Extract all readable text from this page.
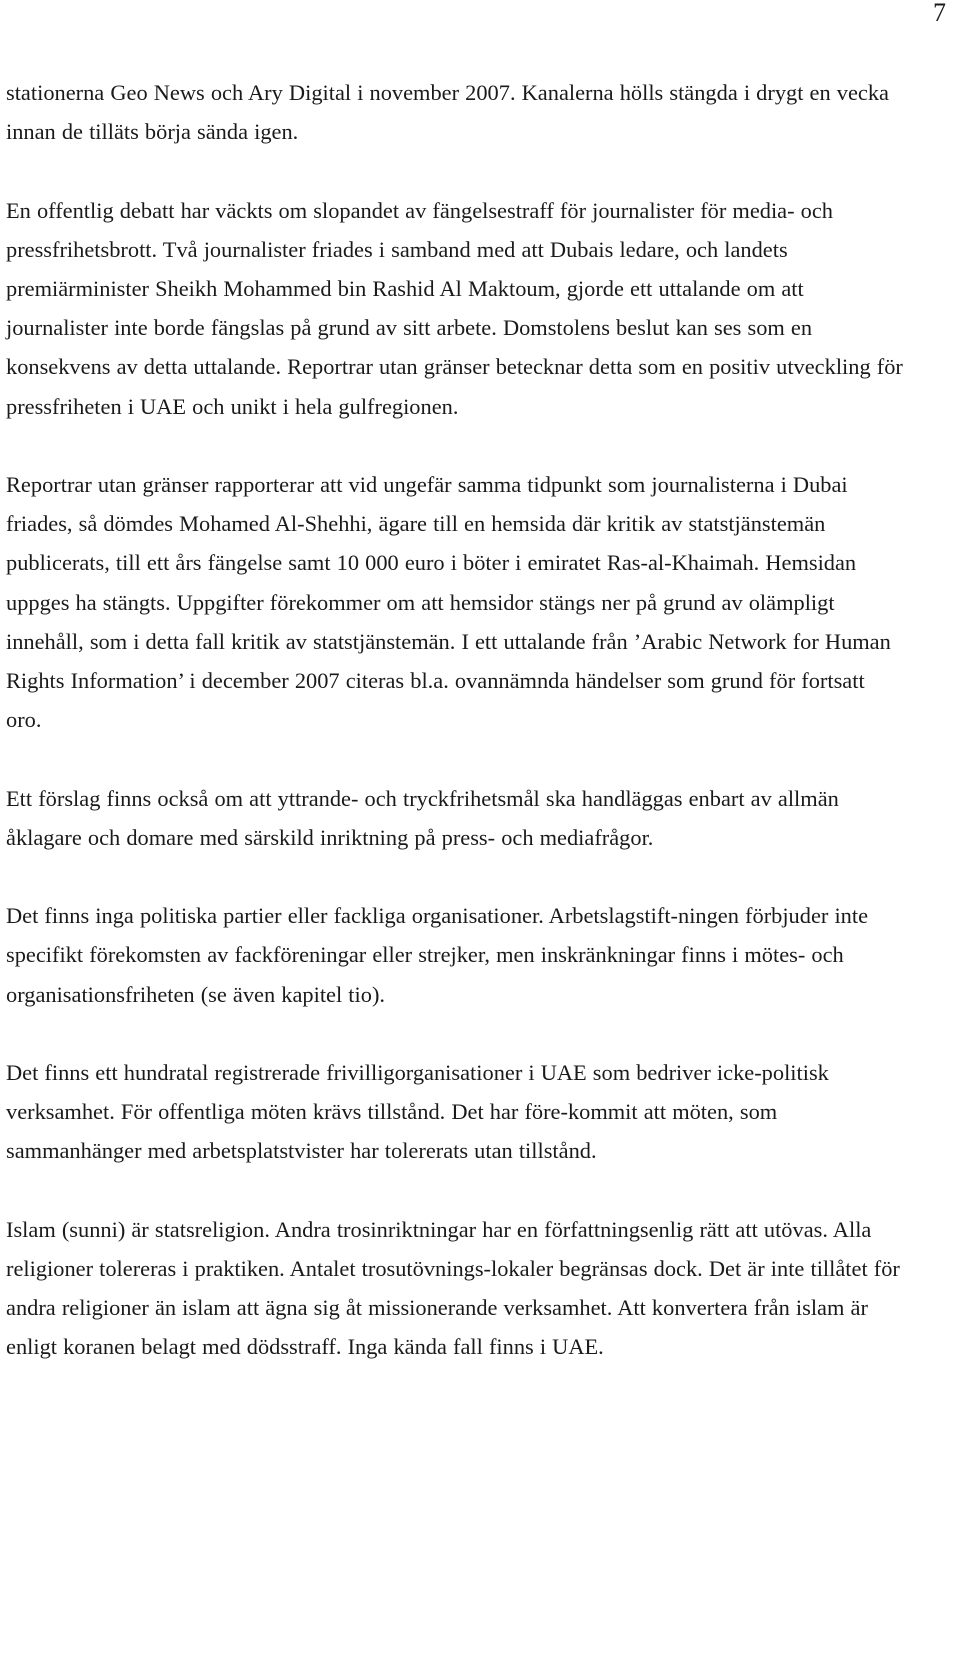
7

stationerna Geo News och Ary Digital i november 2007. Kanalerna hölls stängda i drygt en vecka innan de tilläts börja sända igen.

En offentlig debatt har väckts om slopandet av fängelsestraff för journalister för media- och pressfrihetsbrott. Två journalister friades i samband med att Dubais ledare, och landets premiärminister Sheikh Mohammed bin Rashid Al Maktoum, gjorde ett uttalande om att journalister inte borde fängslas på grund av sitt arbete. Domstolens beslut kan ses som en konsekvens av detta uttalande. Reportrar utan gränser betecknar detta som en positiv utveckling för pressfriheten i UAE och unikt i hela gulfregionen.

Reportrar utan gränser rapporterar att vid ungefär samma tidpunkt som journalisterna i Dubai friades, så dömdes Mohamed Al-Shehhi, ägare till en hemsida där kritik av statstjänstemän publicerats, till ett års fängelse samt 10 000 euro i böter i emiratet Ras-al-Khaimah. Hemsidan uppges ha stängts. Uppgifter förekommer om att hemsidor stängs ner på grund av olämpligt innehåll, som i detta fall kritik av statstjänstemän. I ett uttalande från ’Arabic Network for Human Rights Information’ i december 2007 citeras bl.a. ovannämnda händelser som grund för fortsatt oro.

Ett förslag finns också om att yttrande- och tryckfrihetsmål ska handläggas enbart av allmän åklagare och domare med särskild inriktning på press- och mediafrågor.

Det finns inga politiska partier eller fackliga organisationer. Arbetslagstift-ningen förbjuder inte specifikt förekomsten av fackföreningar eller strejker, men inskränkningar finns i mötes- och organisationsfriheten (se även kapitel tio).

Det finns ett hundratal registrerade frivilligorganisationer i UAE som bedriver icke-politisk verksamhet. För offentliga möten krävs tillstånd. Det har före-kommit att möten, som sammanhänger med arbetsplatstvister har tolererats utan tillstånd.

Islam (sunni) är statsreligion. Andra trosinriktningar har en författningsenlig rätt att utövas. Alla religioner tolereras i praktiken. Antalet trosutövnings-lokaler begränsas dock. Det är inte tillåtet för andra religioner än islam att ägna sig åt missionerande verksamhet. Att konvertera från islam är enligt koranen belagt med dödsstraff. Inga kända fall finns i UAE.
